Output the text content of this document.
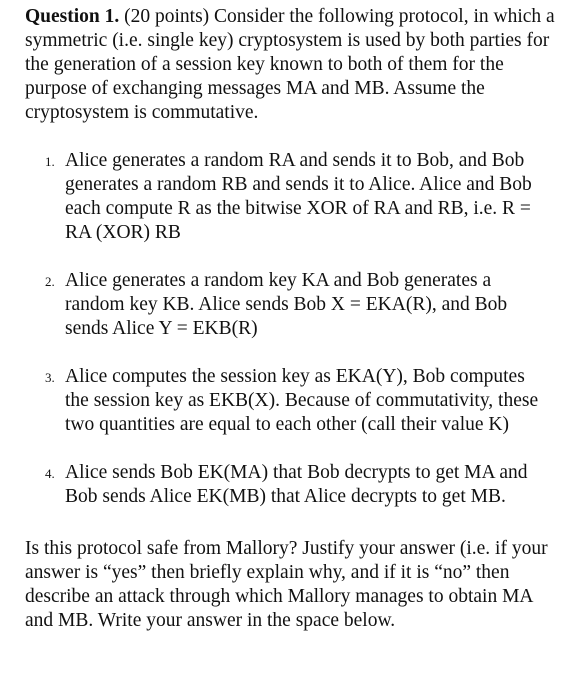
Question 1. (20 points) Consider the following protocol, in which a symmetric (i.e. single key) cryptosystem is used by both parties for the generation of a session key known to both of them for the purpose of exchanging messages MA and MB. Assume the cryptosystem is commutative.

1. Alice generates a random RA and sends it to Bob, and Bob generates a random RB and sends it to Alice. Alice and Bob each compute R as the bitwise XOR of RA and RB, i.e. R = RA (XOR) RB
2. Alice generates a random key KA and Bob generates a random key KB. Alice sends Bob X = EKA(R), and Bob sends Alice Y = EKB(R)
3. Alice computes the session key as EKA(Y), Bob computes the session key as EKB(X). Because of commutativity, these two quantities are equal to each other (call their value K)
4. Alice sends Bob EK(MA) that Bob decrypts to get MA and Bob sends Alice EK(MB) that Alice decrypts to get MB.

Is this protocol safe from Mallory? Justify your answer (i.e. if your answer is “yes” then briefly explain why, and if it is “no” then describe an attack through which Mallory manages to obtain MA and MB. Write your answer in the space below.
